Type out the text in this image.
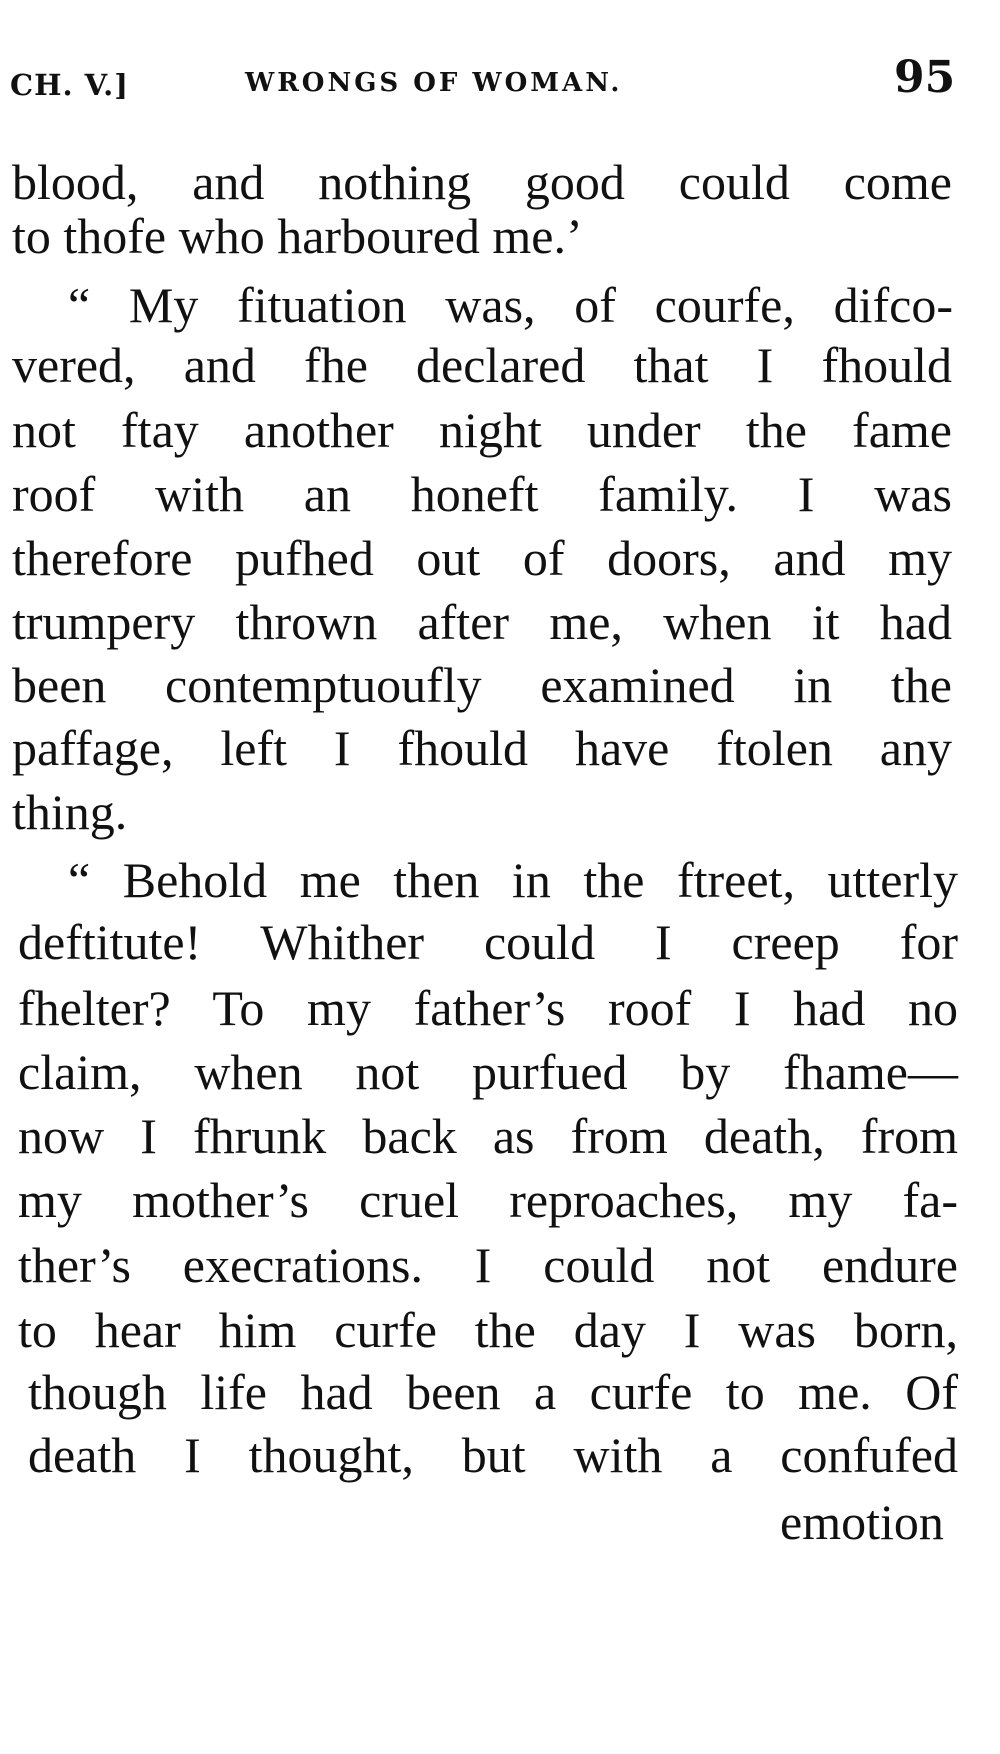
CH. V.]	WRONGS OF WOMAN.	95
blood, and nothing good could come
to thofe who harboured me.’
“ My fituation was, of courfe, difco-
vered, and fhe declared that I fhould
not ftay another night under the fame
roof with an honeft family. I was
therefore pufhed out of doors, and my
trumpery thrown after me, when it had
been contemptuoufly examined in the
paffage, left I fhould have ftolen any
thing.
“ Behold me then in the ftreet, utterly
deftitute! Whither could I creep for
fhelter? To my father’s roof I had no
claim, when not purfued by fhame—
now I fhrunk back as from death, from
my mother’s cruel reproaches, my fa-
ther’s execrations. I could not endure
to hear him curfe the day I was born,
though life had been a curfe to me. Of
death I thought, but with a confufed
emotion
